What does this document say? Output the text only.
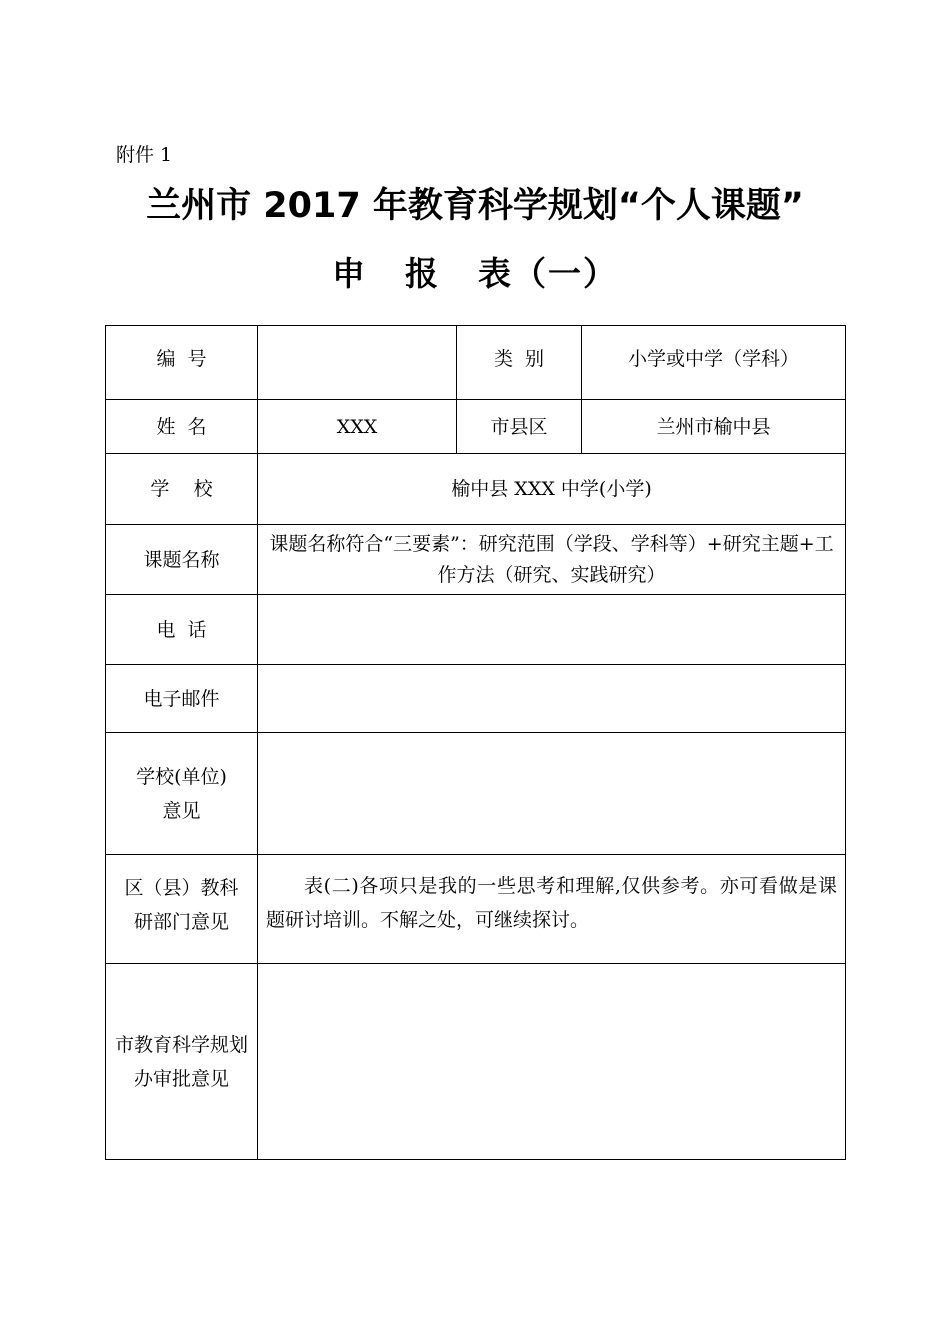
附件 1
兰州市 2017 年教育科学规划“个人课题”
申 报 表（一）
编  号		类  别	小学或中学（学科）
姓  名	XXX	市县区	兰州市榆中县
学    校	榆中县 XXX 中学(小学)		
课题名称	课题名称符合“三要素”：研究范围（学段、学科等）+研究主题+工作方法（研究、实践研究）		
电  话			
电子邮件			
学校(单位)意见			
区（县）教科研部门意见	表(二)各项只是我的一些思考和理解,仅供参考。亦可看做是课题研讨培训。不解之处，可继续探讨。		
市教育科学规划办审批意见			
